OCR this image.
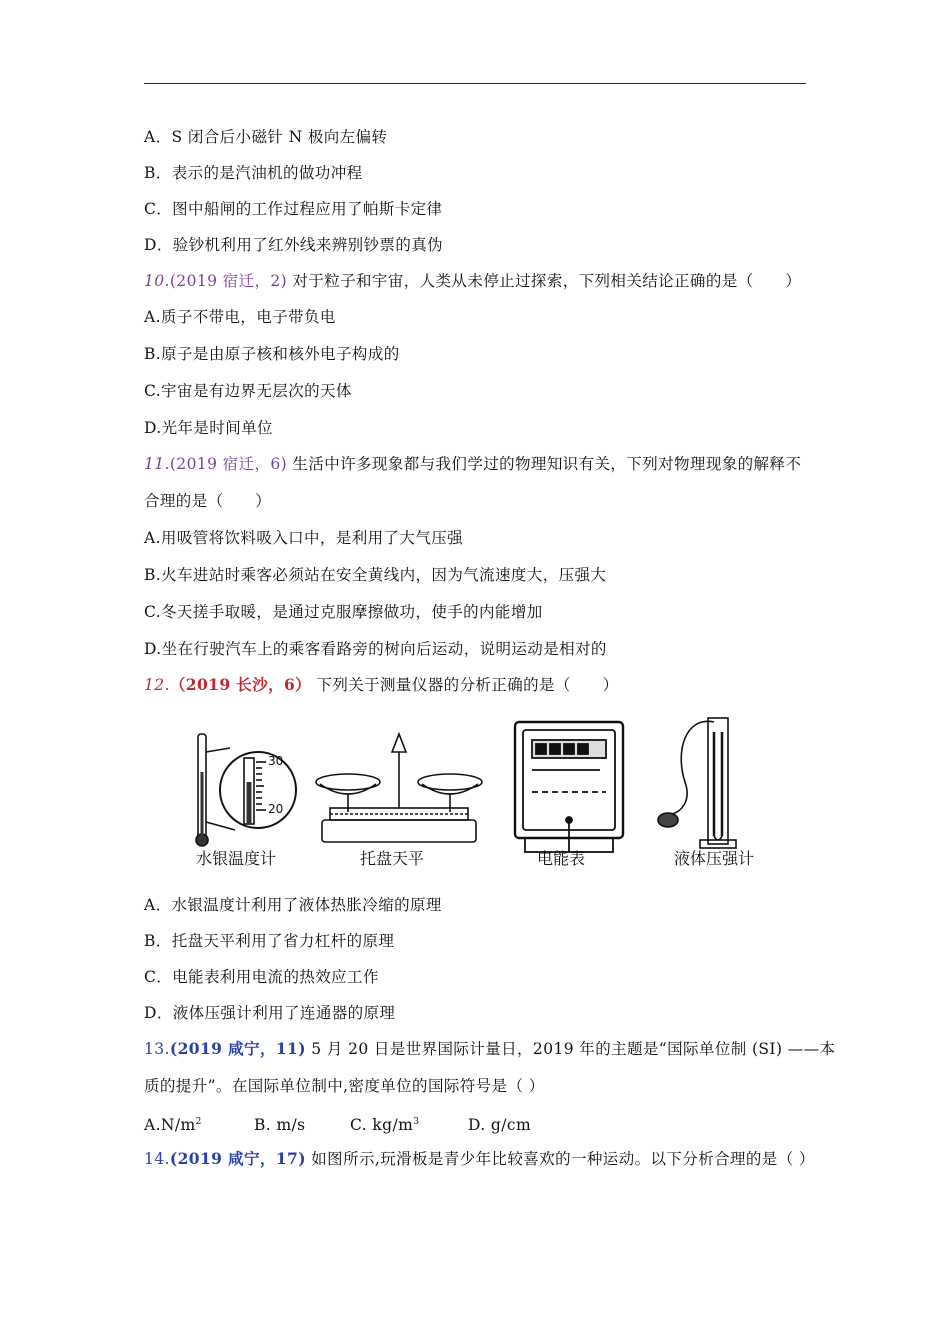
A．S 闭合后小磁针 N 极向左偏转
B．表示的是汽油机的做功冲程
C．图中船闸的工作过程应用了帕斯卡定律
D．验钞机利用了红外线来辨别钞票的真伪
10.(2019 宿迁，2) 对于粒子和宇宙，人类从未停止过探索，下列相关结论正确的是（　　）
A.质子不带电，电子带负电
B.原子是由原子核和核外电子构成的
C.宇宙是有边界无层次的天体
D.光年是时间单位
11.(2019 宿迁，6) 生活中许多现象都与我们学过的物理知识有关，下列对物理现象的解释不
合理的是（　　）
A.用吸管将饮料吸入口中，是利用了大气压强
B.火车进站时乘客必须站在安全黄线内，因为气流速度大，压强大
C.冬天搓手取暖，是通过克服摩擦做功，使手的内能增加
D.坐在行驶汽车上的乘客看路旁的树向后运动，说明运动是相对的
12.（2019 长沙，6） 下列关于测量仪器的分析正确的是（　　）
30
20
水银温度计	托盘天平	电能表	液体压强计
A．水银温度计利用了液体热胀冷缩的原理
B．托盘天平利用了省力杠杆的原理
C．电能表利用电流的热效应工作
D．液体压强计利用了连通器的原理
13.(2019 咸宁，11) 5 月 20 日是世界国际计量日，2019 年的主题是“国际单位制 (SI) ——本
质的提升”。在国际单位制中,密度单位的国际符号是（ ）
$A.N/m^2$	B. m/s	C. $kg/m^3$	D. g/cm
14.(2019 咸宁，17) 如图所示,玩滑板是青少年比较喜欢的一种运动。以下分析合理的是（ ）
